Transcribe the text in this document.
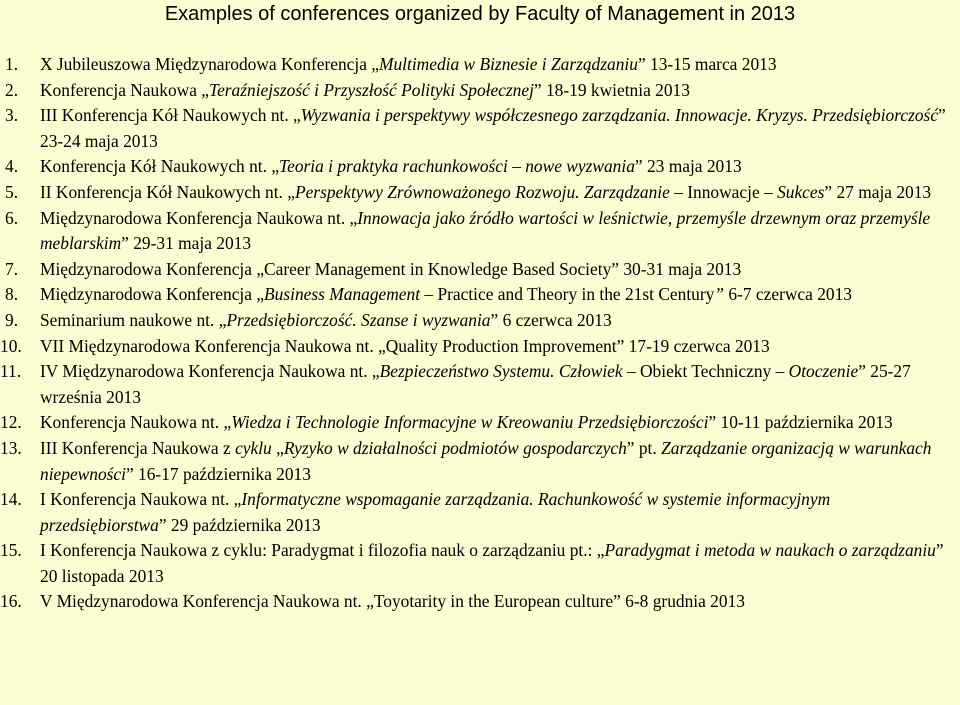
Examples of conferences organized by Faculty of Management in 2013
1. X Jubileuszowa Międzynarodowa Konferencja „Multimedia w Biznesie i Zarządzaniu” 13-15 marca 2013
2. Konferencja Naukowa „Teraźniejszość i Przyszłość Polityki Społecznej” 18-19 kwietnia 2013
3. III Konferencja Kół Naukowych nt. „Wyzwania i perspektywy współczesnego zarządzania. Innowacje. Kryzys. Przedsiębiorczość” 23-24 maja 2013
4. Konferencja Kół Naukowych nt. „Teoria i praktyka rachunkowości – nowe wyzwania” 23 maja 2013
5. II Konferencja Kół Naukowych nt. „Perspektywy Zrównoważonego Rozwoju. Zarządzanie – Innowacje – Sukces” 27 maja 2013
6. Międzynarodowa Konferencja Naukowa nt. „Innowacja jako źródło wartości w leśnictwie, przemyśle drzewnym oraz przemyśle meblarskim” 29-31 maja 2013
7. Międzynarodowa Konferencja „Career Management in Knowledge Based Society” 30-31 maja 2013
8. Międzynarodowa Konferencja „Business Management – Practice and Theory in the 21st Century” 6-7 czerwca 2013
9. Seminarium naukowe nt. „Przedsiębiorczość. Szanse i wyzwania” 6 czerwca 2013
10. VII Międzynarodowa Konferencja Naukowa nt. „Quality Production Improvement” 17-19 czerwca 2013
11. IV Międzynarodowa Konferencja Naukowa nt. „Bezpieczeństwo Systemu. Człowiek – Obiekt Techniczny – Otoczenie” 25-27 września 2013
12. Konferencja Naukowa nt. „Wiedza i Technologie Informacyjne w Kreowaniu Przedsiębiorczości” 10-11 października 2013
13. III Konferencja Naukowa z cyklu „Ryzyko w działalności podmiotów gospodarczych” pt. Zarządzanie organizacją w warunkach niepewności” 16-17 października 2013
14. I Konferencja Naukowa nt. „Informatyczne wspomaganie zarządzania. Rachunkowość w systemie informacyjnym przedsiębiorstwa” 29 października 2013
15. I Konferencja Naukowa z cyklu: Paradygmat i filozofia nauk o zarządzaniu pt.: „Paradygmat i metoda w naukach o zarządzaniu” 20 listopada 2013
16. V Międzynarodowa Konferencja Naukowa nt. „Toyotarity in the European culture” 6-8 grudnia 2013
